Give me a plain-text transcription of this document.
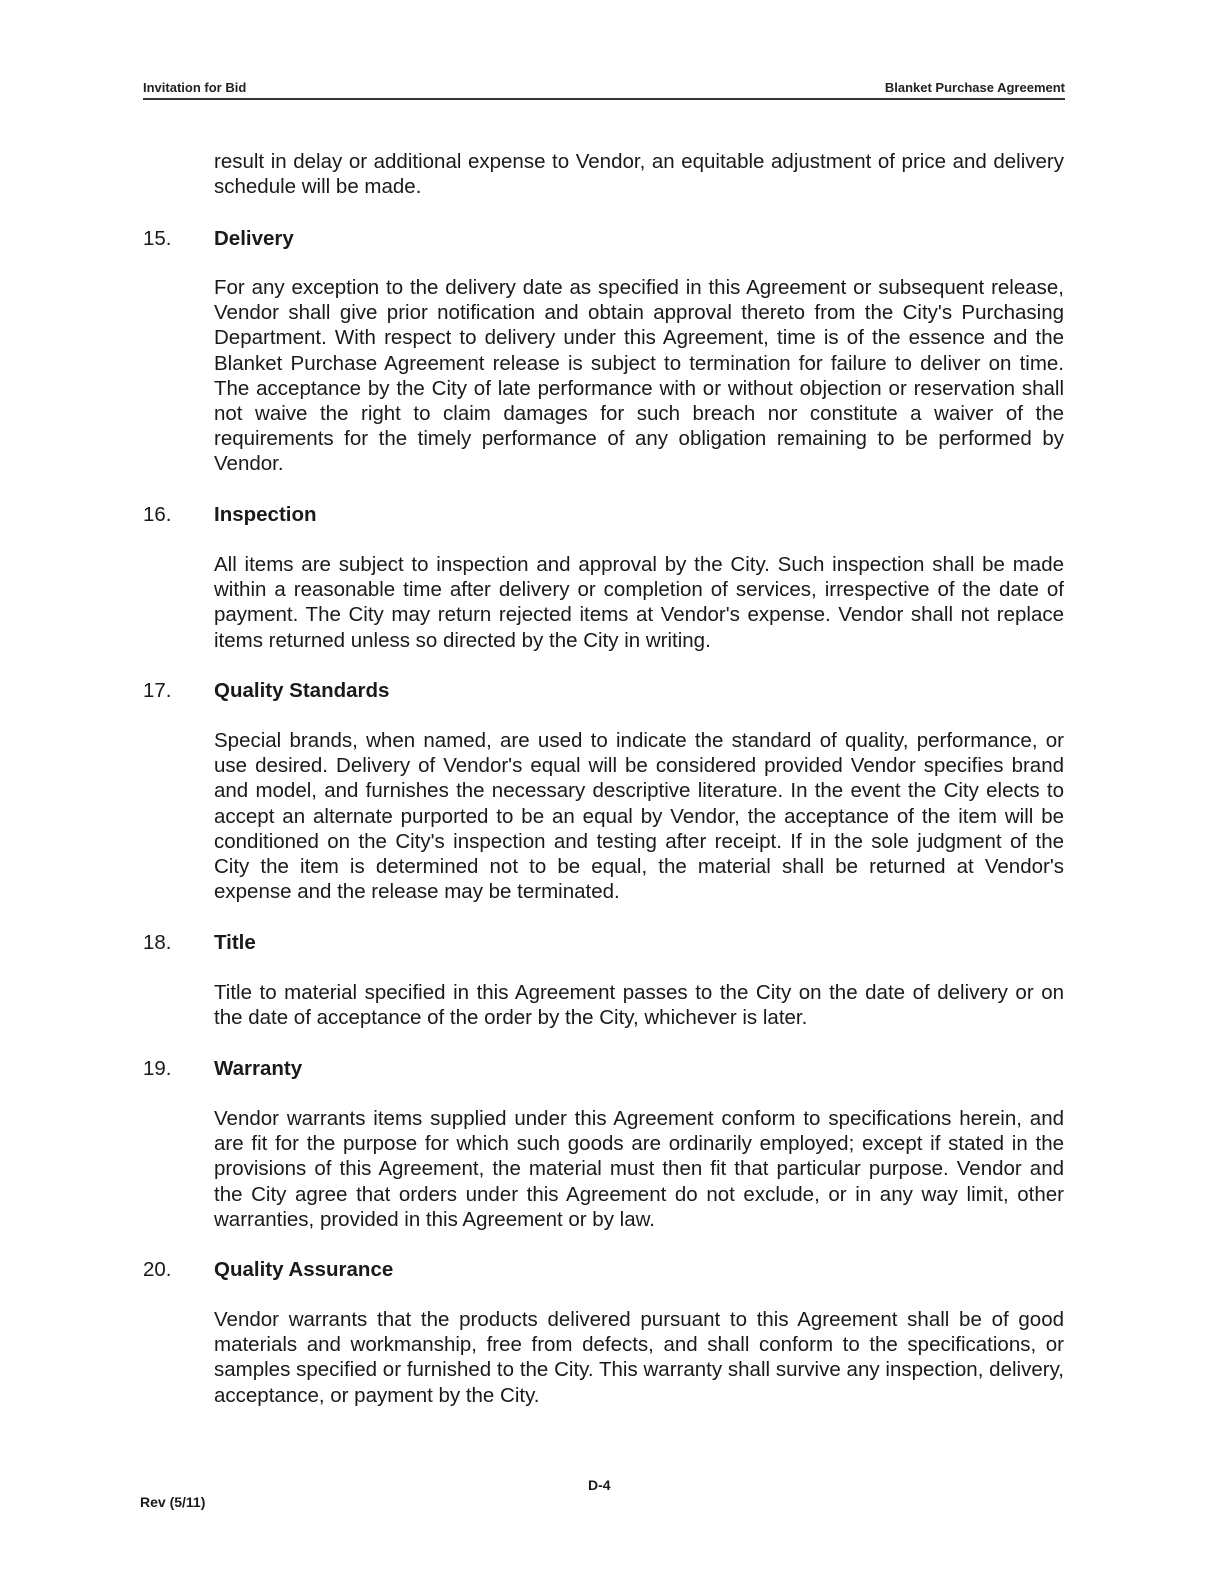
Invitation for Bid	Blanket Purchase Agreement

result in delay or additional expense to Vendor, an equitable adjustment of price and delivery schedule will be made.

15. Delivery

For any exception to the delivery date as specified in this Agreement or subsequent release, Vendor shall give prior notification and obtain approval thereto from the City's Purchasing Department. With respect to delivery under this Agreement, time is of the essence and the Blanket Purchase Agreement release is subject to termination for failure to deliver on time. The acceptance by the City of late performance with or without objection or reservation shall not waive the right to claim damages for such breach nor constitute a waiver of the requirements for the timely performance of any obligation remaining to be performed by Vendor.

16. Inspection

All items are subject to inspection and approval by the City. Such inspection shall be made within a reasonable time after delivery or completion of services, irrespective of the date of payment. The City may return rejected items at Vendor's expense. Vendor shall not replace items returned unless so directed by the City in writing.

17. Quality Standards

Special brands, when named, are used to indicate the standard of quality, performance, or use desired. Delivery of Vendor's equal will be considered provided Vendor specifies brand and model, and furnishes the necessary descriptive literature. In the event the City elects to accept an alternate purported to be an equal by Vendor, the acceptance of the item will be conditioned on the City's inspection and testing after receipt. If in the sole judgment of the City the item is determined not to be equal, the material shall be returned at Vendor's expense and the release may be terminated.

18. Title

Title to material specified in this Agreement passes to the City on the date of delivery or on the date of acceptance of the order by the City, whichever is later.

19. Warranty

Vendor warrants items supplied under this Agreement conform to specifications herein, and are fit for the purpose for which such goods are ordinarily employed; except if stated in the provisions of this Agreement, the material must then fit that particular purpose. Vendor and the City agree that orders under this Agreement do not exclude, or in any way limit, other warranties, provided in this Agreement or by law.

20. Quality Assurance

Vendor warrants that the products delivered pursuant to this Agreement shall be of good materials and workmanship, free from defects, and shall conform to the specifications, or samples specified or furnished to the City. This warranty shall survive any inspection, delivery, acceptance, or payment by the City.

Rev (5/11)
D-4
